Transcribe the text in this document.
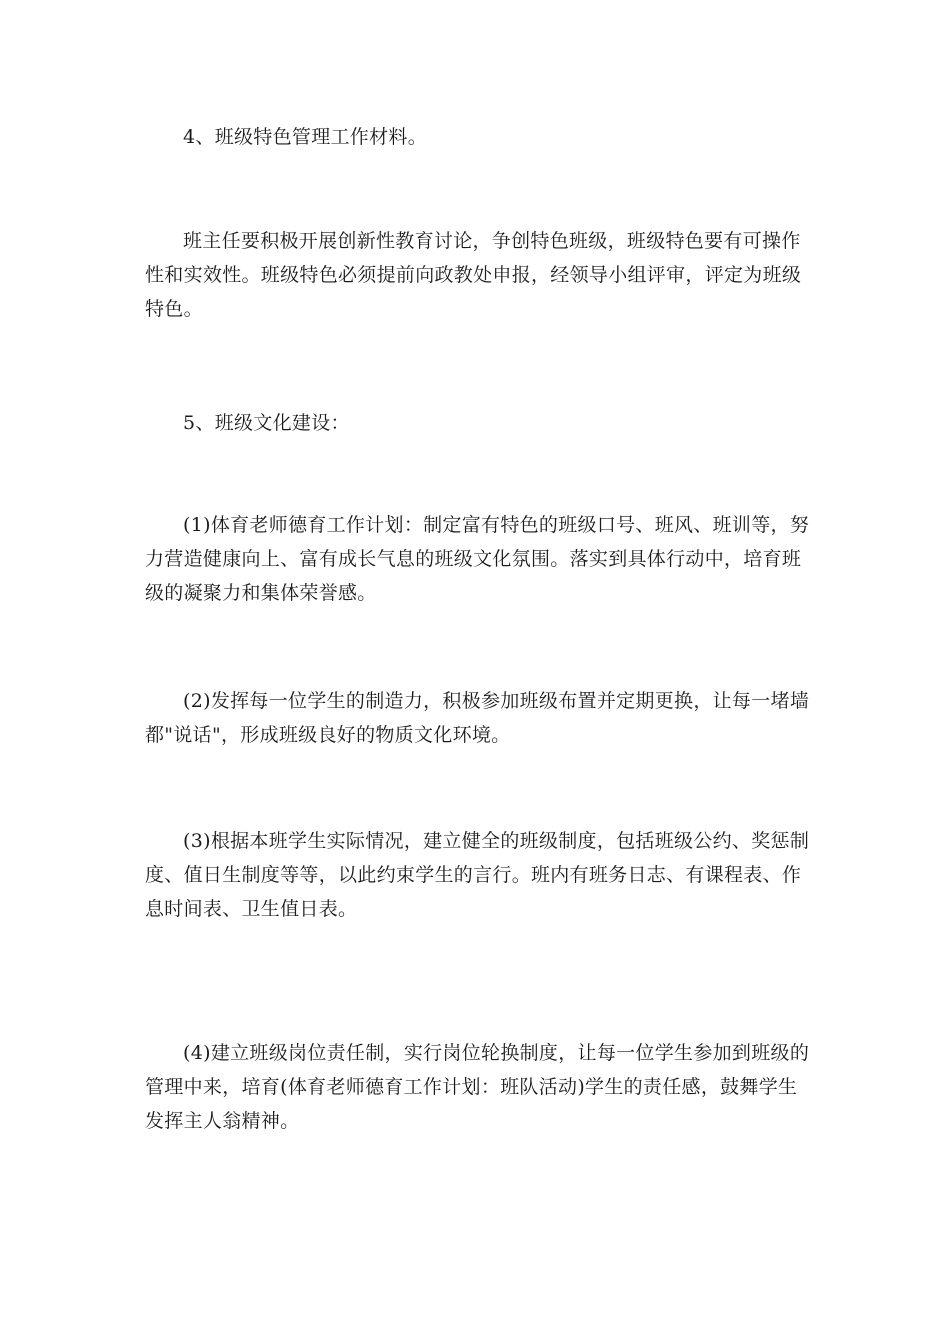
4、班级特色管理工作材料。

班主任要积极开展创新性教育讨论，争创特色班级，班级特色要有可操作性和实效性。班级特色必须提前向政教处申报，经领导小组评审，评定为班级特色。

5、班级文化建设：

(1)体育老师德育工作计划：制定富有特色的班级口号、班风、班训等，努力营造健康向上、富有成长气息的班级文化氛围。落实到具体行动中，培育班级的凝聚力和集体荣誉感。

(2)发挥每一位学生的制造力，积极参加班级布置并定期更换，让每一堵墙都"说话"，形成班级良好的物质文化环境。

(3)根据本班学生实际情况，建立健全的班级制度，包括班级公约、奖惩制度、值日生制度等等，以此约束学生的言行。班内有班务日志、有课程表、作息时间表、卫生值日表。

(4)建立班级岗位责任制，实行岗位轮换制度，让每一位学生参加到班级的管理中来，培育(体育老师德育工作计划：班队活动)学生的责任感，鼓舞学生发挥主人翁精神。
